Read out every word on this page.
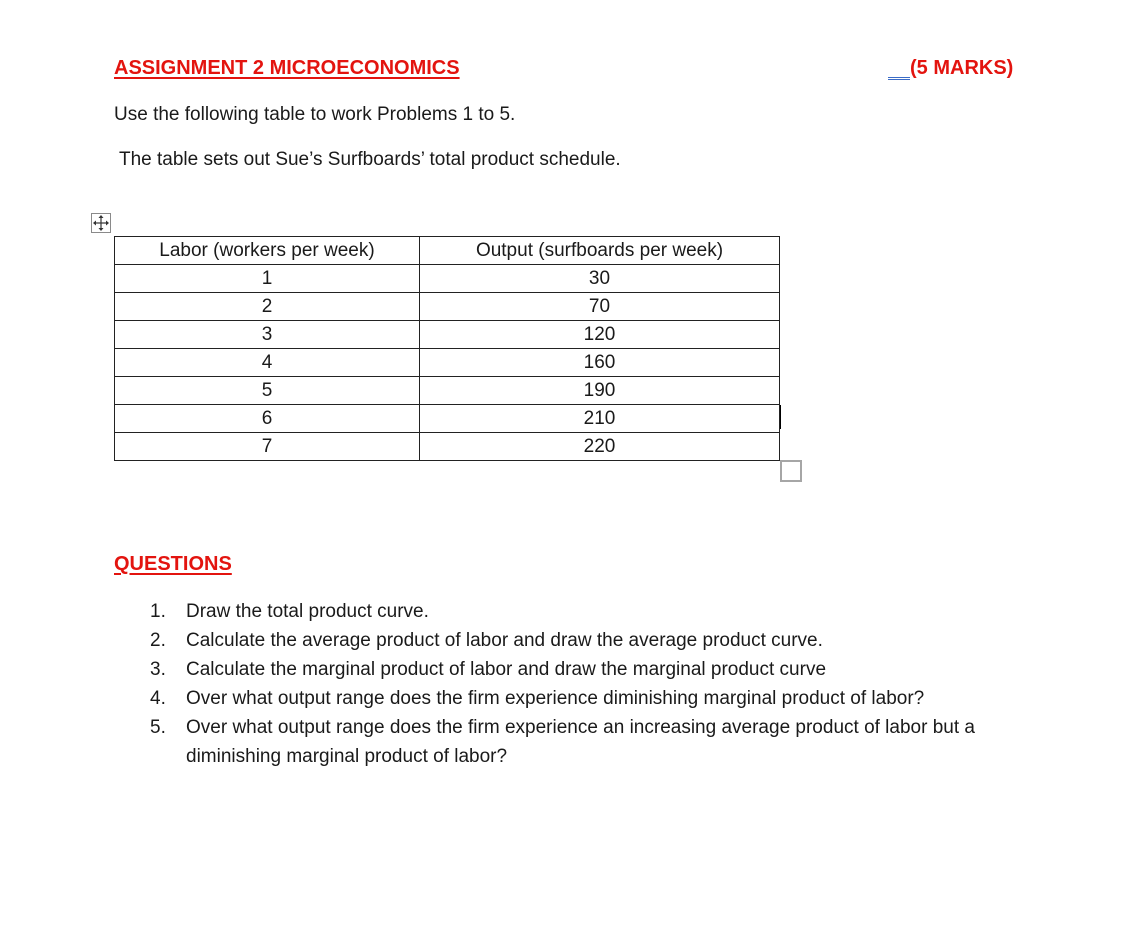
ASSIGNMENT 2 MICROECONOMICS	(5 MARKS)
Use the following table to work Problems 1 to 5.
The table sets out Sue’s Surfboards’ total product schedule.
Labor (workers per week)	Output (surfboards per week)
1	30
2	70
3	120
4	160
5	190
6	210
7	220
QUESTIONS
1.	Draw the total product curve.
2.	Calculate the average product of labor and draw the average product curve.
3.	Calculate the marginal product of labor and draw the marginal product curve
4.	Over what output range does the firm experience diminishing marginal product of labor?
5.	Over what output range does the firm experience an increasing average product of labor but a diminishing marginal product of labor?
